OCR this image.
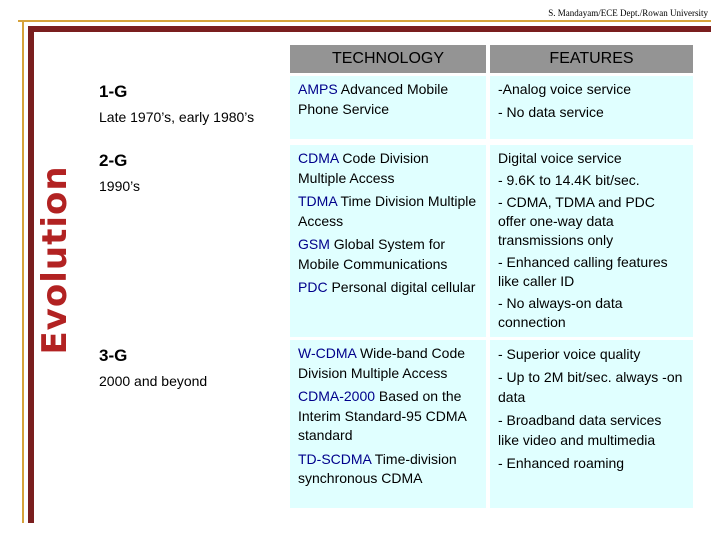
S. Mandayam/ECE Dept./Rowan University
Evolution
TECHNOLOGY	FEATURES
1-G
Late 1970’s, early 1980’s
AMPS Advanced Mobile Phone Service

-Analog voice service

- No data service

2-G
1990’s
CDMA Code Division Multiple Access
TDMA Time Division Multiple Access
GSM Global System for Mobile Communications
PDC Personal digital cellular

Digital voice service

- 9.6K to 14.4K bit/sec.

- CDMA, TDMA and PDC offer one-way data transmissions only

- Enhanced calling features like caller ID

- No always-on data connection

3-G
2000 and beyond
W-CDMA Wide-band Code Division Multiple Access
CDMA-2000 Based on the Interim Standard-95 CDMA standard
TD-SCDMA Time-division synchronous CDMA

- Superior voice quality

- Up to 2M bit/sec. always -on data

- Broadband data services like video and multimedia

- Enhanced roaming
